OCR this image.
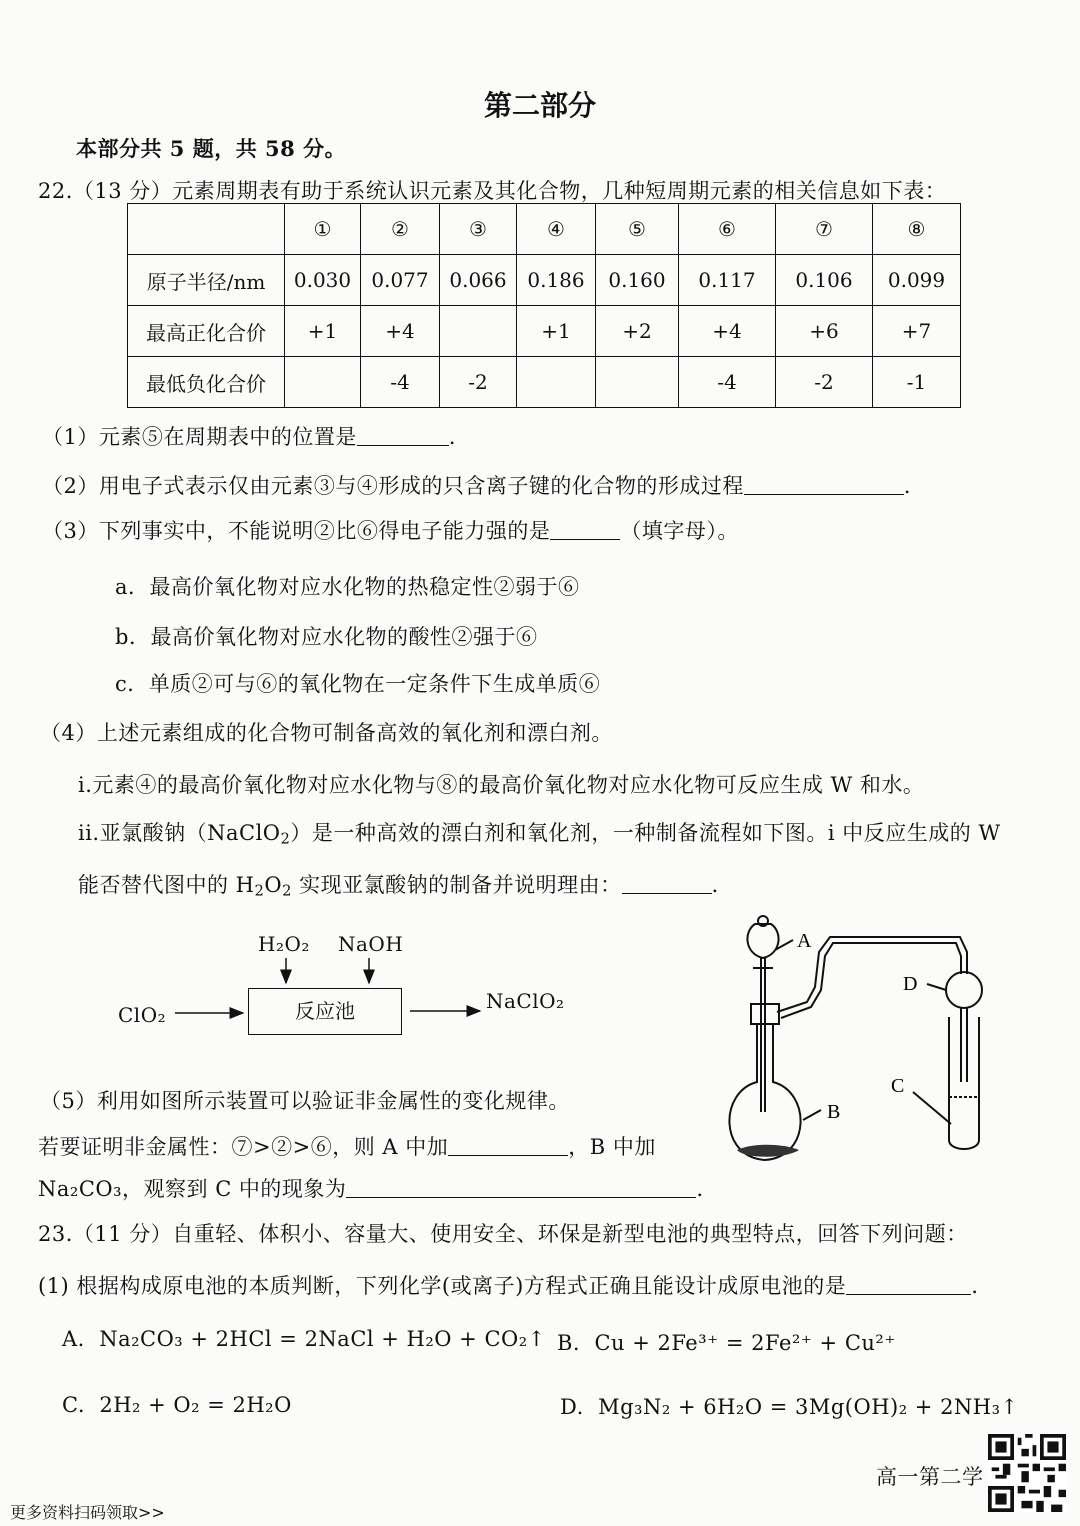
第二部分
本部分共 5 题，共 58 分。
22.（13 分）元素周期表有助于系统认识元素及其化合物，几种短周期元素的相关信息如下表：
	①	②	③	④	⑤	⑥	⑦	⑧
原子半径/nm	0.030	0.077	0.066	0.186	0.160	0.117	0.106	0.099
最高正化合价	+1	+4		+1	+2	+4	+6	+7
最低负化合价		-4	-2			-4	-2	-1
（1）元素⑤在周期表中的位置是	．
（2）用电子式表示仅由元素③与④形成的只含离子键的化合物的形成过程	．
（3）下列事实中，不能说明②比⑥得电子能力强的是	（填字母）。
a．最高价氧化物对应水化物的热稳定性②弱于⑥
b．最高价氧化物对应水化物的酸性②强于⑥
c．单质②可与⑥的氧化物在一定条件下生成单质⑥
（4）上述元素组成的化合物可制备高效的氧化剂和漂白剂。
i.元素④的最高价氧化物对应水化物与⑧的最高价氧化物对应水化物可反应生成 W 和水。
ii.亚氯酸钠（NaClO$_2$）是一种高效的漂白剂和氧化剂，一种制备流程如下图。i 中反应生成的 W
能否替代图中的 $H_2O_2$ 实现亚氯酸钠的制备并说明理由：	．
H₂O₂ NaOH
ClO₂	反应池	NaClO₂
A
B
C
D
（5）利用如图所示装置可以验证非金属性的变化规律。
若要证明非金属性：⑦>②>⑥，则 A 中加	，B 中加
Na₂CO₃，观察到 C 中的现象为	．
23.（11 分）自重轻、体积小、容量大、使用安全、环保是新型电池的典型特点，回答下列问题：
(1) 根据构成原电池的本质判断，下列化学(或离子)方程式正确且能设计成原电池的是	．
A. Na₂CO₃ + 2HCl = 2NaCl + H₂O + CO₂↑ B. Cu + 2Fe³⁺ = 2Fe²⁺ + Cu²⁺
C. 2H₂ + O₂ = 2H₂O	D. Mg₃N₂ + 6H₂O = 3Mg(OH)₂ + 2NH₃↑
高一第二学
更多资料扫码领取>>
